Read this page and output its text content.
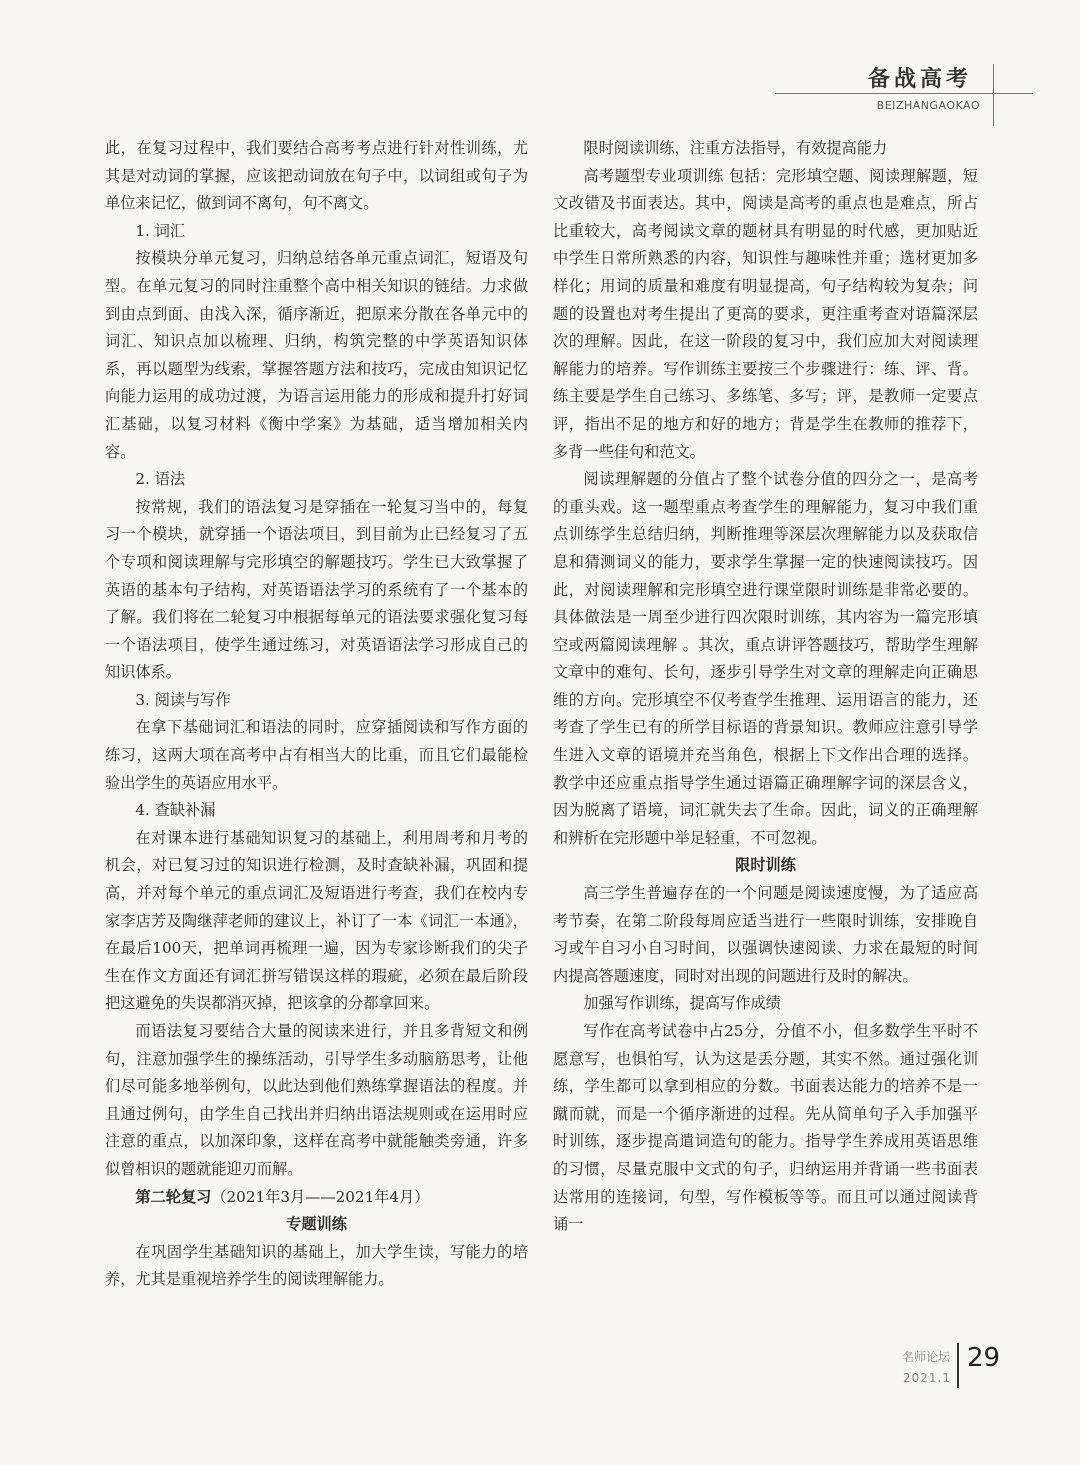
备战高考
BEIZHANGAOKAO

此，在复习过程中，我们要结合高考考点进行针对性训练，尤其是对动词的掌握，应该把动词放在句子中，以词组或句子为单位来记忆，做到词不离句，句不离文。

1. 词汇

按模块分单元复习，归纳总结各单元重点词汇，短语及句型。在单元复习的同时注重整个高中相关知识的链结。力求做到由点到面、由浅入深，循序渐近，把原来分散在各单元中的词汇、知识点加以梳理、归纳，构筑完整的中学英语知识体系，再以题型为线索，掌握答题方法和技巧，完成由知识记忆向能力运用的成功过渡，为语言运用能力的形成和提升打好词汇基础，以复习材料《衡中学案》为基础，适当增加相关内容。

2. 语法

按常规，我们的语法复习是穿插在一轮复习当中的，每复习一个模块，就穿插一个语法项目，到目前为止已经复习了五个专项和阅读理解与完形填空的解题技巧。学生已大致掌握了英语的基本句子结构，对英语语法学习的系统有了一个基本的了解。我们将在二轮复习中根据每单元的语法要求强化复习每一个语法项目，使学生通过练习，对英语语法学习形成自己的知识体系。

3. 阅读与写作

在拿下基础词汇和语法的同时，应穿插阅读和写作方面的练习，这两大项在高考中占有相当大的比重，而且它们最能检验出学生的英语应用水平。

4. 查缺补漏

在对课本进行基础知识复习的基础上，利用周考和月考的机会，对已复习过的知识进行检测，及时查缺补漏，巩固和提高，并对每个单元的重点词汇及短语进行考查，我们在校内专家李店芳及陶继萍老师的建议上，补订了一本《词汇一本通》，在最后100天，把单词再梳理一遍，因为专家诊断我们的尖子生在作文方面还有词汇拼写错误这样的瑕疵，必须在最后阶段把这避免的失误都消灭掉，把该拿的分都拿回来。

而语法复习要结合大量的阅读来进行，并且多背短文和例句，注意加强学生的操练活动，引导学生多动脑筋思考，让他们尽可能多地举例句，以此达到他们熟练掌握语法的程度。并且通过例句，由学生自己找出并归纳出语法规则或在运用时应注意的重点，以加深印象，这样在高考中就能触类旁通，许多似曾相识的题就能迎刃而解。

第二轮复习（2021年3月——2021年4月）

专题训练

在巩固学生基础知识的基础上，加大学生读，写能力的培养，尤其是重视培养学生的阅读理解能力。

限时阅读训练，注重方法指导，有效提高能力

高考题型专业项训练 包括：完形填空题、阅读理解题，短文改错及书面表达。其中，阅读是高考的重点也是难点，所占比重较大，高考阅读文章的题材具有明显的时代感，更加贴近中学生日常所熟悉的内容，知识性与趣味性并重；选材更加多样化；用词的质量和难度有明显提高，句子结构较为复杂；问题的设置也对考生提出了更高的要求，更注重考查对语篇深层次的理解。因此，在这一阶段的复习中，我们应加大对阅读理解能力的培养。写作训练主要按三个步骤进行：练、评、背。练主要是学生自己练习、多练笔、多写；评，是教师一定要点评，指出不足的地方和好的地方；背是学生在教师的推荐下，多背一些佳句和范文。

阅读理解题的分值占了整个试卷分值的四分之一，是高考的重头戏。这一题型重点考查学生的理解能力，复习中我们重点训练学生总结归纳，判断推理等深层次理解能力以及获取信息和猜测词义的能力，要求学生掌握一定的快速阅读技巧。因此，对阅读理解和完形填空进行课堂限时训练是非常必要的。具体做法是一周至少进行四次限时训练，其内容为一篇完形填空或两篇阅读理解 。其次，重点讲评答题技巧，帮助学生理解文章中的难句、长句，逐步引导学生对文章的理解走向正确思维的方向。完形填空不仅考查学生推理、运用语言的能力，还考查了学生已有的所学目标语的背景知识。教师应注意引导学生进入文章的语境并充当角色，根据上下文作出合理的选择。教学中还应重点指导学生通过语篇正确理解字词的深层含义，因为脱离了语境，词汇就失去了生命。因此，词义的正确理解和辨析在完形题中举足轻重，不可忽视。

限时训练

高三学生普遍存在的一个问题是阅读速度慢，为了适应高考节奏，在第二阶段每周应适当进行一些限时训练，安排晚自习或午自习小自习时间，以强调快速阅读、力求在最短的时间内提高答题速度，同时对出现的问题进行及时的解决。

加强写作训练，提高写作成绩

写作在高考试卷中占25分，分值不小，但多数学生平时不愿意写，也惧怕写，认为这是丢分题，其实不然。通过强化训练，学生都可以拿到相应的分数。书面表达能力的培养不是一蹴而就，而是一个循序渐进的过程。先从简单句子入手加强平时训练，逐步提高遣词造句的能力。指导学生养成用英语思维的习惯，尽量克服中文式的句子，归纳运用并背诵一些书面表达常用的连接词，句型，写作模板等等。而且可以通过阅读背诵一

名师论坛
2021.1
29
